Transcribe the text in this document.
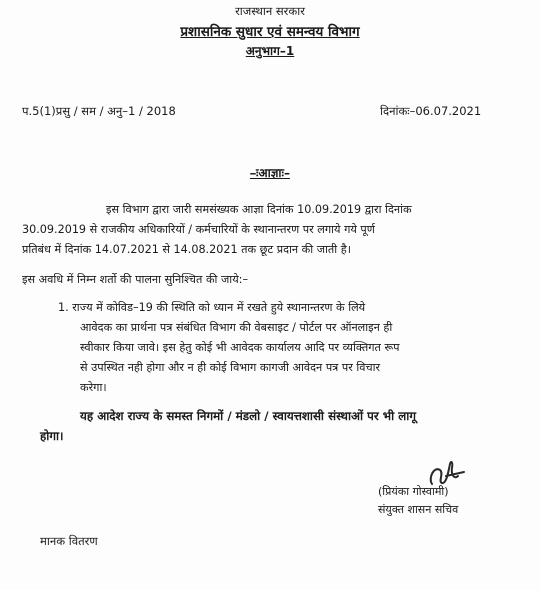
राजस्थान सरकार
प्रशासनिक सुधार एवं समन्वय विभाग
अनुभाग–1
प.5(1)प्रसु / सम / अनु–1 / 2018	दिनांकः–06.07.2021
–ःआज्ञाः–
इस विभाग द्वारा जारी समसंख्यक आज्ञा दिनांक 10.09.2019 द्वारा दिनांक
30.09.2019 से राजकीय अधिकारियों / कर्मचारियों के स्थानान्तरण पर लगाये गये पूर्ण
प्रतिबंध में दिनांक 14.07.2021 से 14.08.2021 तक छूट प्रदान की जाती है।
इस अवधि में निम्न शर्तो की पालना सुनिश्चित की जाये:–
1. राज्य में कोविड–19 की स्थिति को ध्यान में रखते हुये स्थानान्तरण के लिये
आवेदक का प्रार्थना पत्र संबंधित विभाग की वेबसाइट / पोर्टल पर ऑनलाइन ही
स्वीकार किया जावे। इस हेतु कोई भी आवेदक कार्यालय आदि पर व्यक्तिगत रूप
से उपस्थित नही होगा और न ही कोई विभाग कागजी आवेदन पत्र पर विचार
करेगा।
यह आदेश राज्य के समस्त निगमों / मंडलो / स्वायत्तशासी संस्थाओं पर भी लागू
होगा।
(प्रियंका गोस्वामी)
संयुक्त शासन सचिव
मानक वितरण
